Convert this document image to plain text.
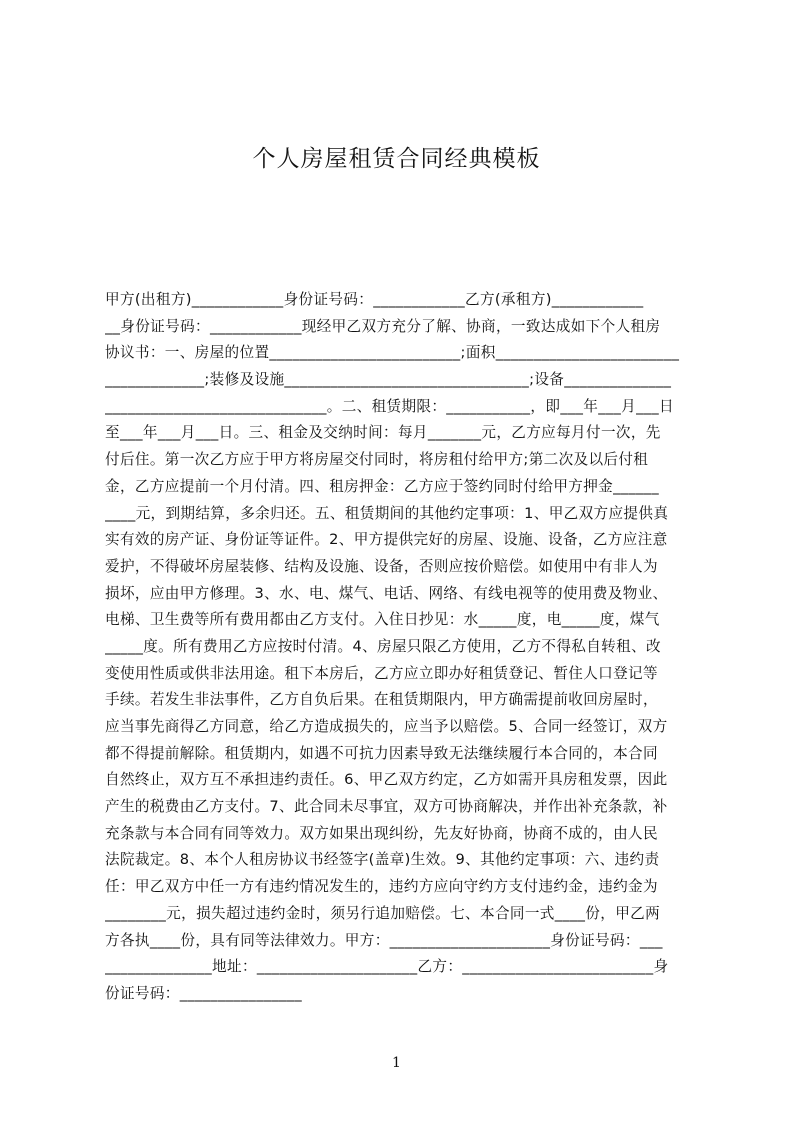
个人房屋租赁合同经典模板
甲方(出租方)____________身份证号码：____________乙方(承租方)____________
__身份证号码：____________现经甲乙双方充分了解、协商，一致达成如下个人租房
协议书：一、房屋的位置_________________________;面积________________________
_____________;装修及设施________________________________;设备______________
_____________________________。二、租赁期限：___________，即___年___月___日
至___年___月___日。三、租金及交纳时间：每月_______元，乙方应每月付一次，先
付后住。第一次乙方应于甲方将房屋交付同时，将房租付给甲方;第二次及以后付租
金，乙方应提前一个月付清。四、租房押金：乙方应于签约同时付给甲方押金______
____元，到期结算，多余归还。五、租赁期间的其他约定事项：1、甲乙双方应提供真
实有效的房产证、身份证等证件。2、甲方提供完好的房屋、设施、设备，乙方应注意
爱护，不得破坏房屋装修、结构及设施、设备，否则应按价赔偿。如使用中有非人为
损坏，应由甲方修理。3、水、电、煤气、电话、网络、有线电视等的使用费及物业、
电梯、卫生费等所有费用都由乙方支付。入住日抄见：水_____度，电_____度，煤气
_____度。所有费用乙方应按时付清。4、房屋只限乙方使用，乙方不得私自转租、改
变使用性质或供非法用途。租下本房后，乙方应立即办好租赁登记、暂住人口登记等
手续。若发生非法事件，乙方自负后果。在租赁期限内，甲方确需提前收回房屋时，
应当事先商得乙方同意，给乙方造成损失的，应当予以赔偿。5、合同一经签订，双方
都不得提前解除。租赁期内，如遇不可抗力因素导致无法继续履行本合同的，本合同
自然终止，双方互不承担违约责任。6、甲乙双方约定，乙方如需开具房租发票，因此
产生的税费由乙方支付。7、此合同未尽事宜，双方可协商解决，并作出补充条款，补
充条款与本合同有同等效力。双方如果出现纠纷，先友好协商，协商不成的，由人民
法院裁定。8、本个人租房协议书经签字(盖章)生效。9、其他约定事项：六、违约责
任：甲乙双方中任一方有违约情况发生的，违约方应向守约方支付违约金，违约金为
________元，损失超过违约金时，须另行追加赔偿。七、本合同一式____份，甲乙两
方各执____份，具有同等法律效力。甲方：_____________________身份证号码：___
______________地址：_____________________乙方：_________________________身
份证号码：________________
1
